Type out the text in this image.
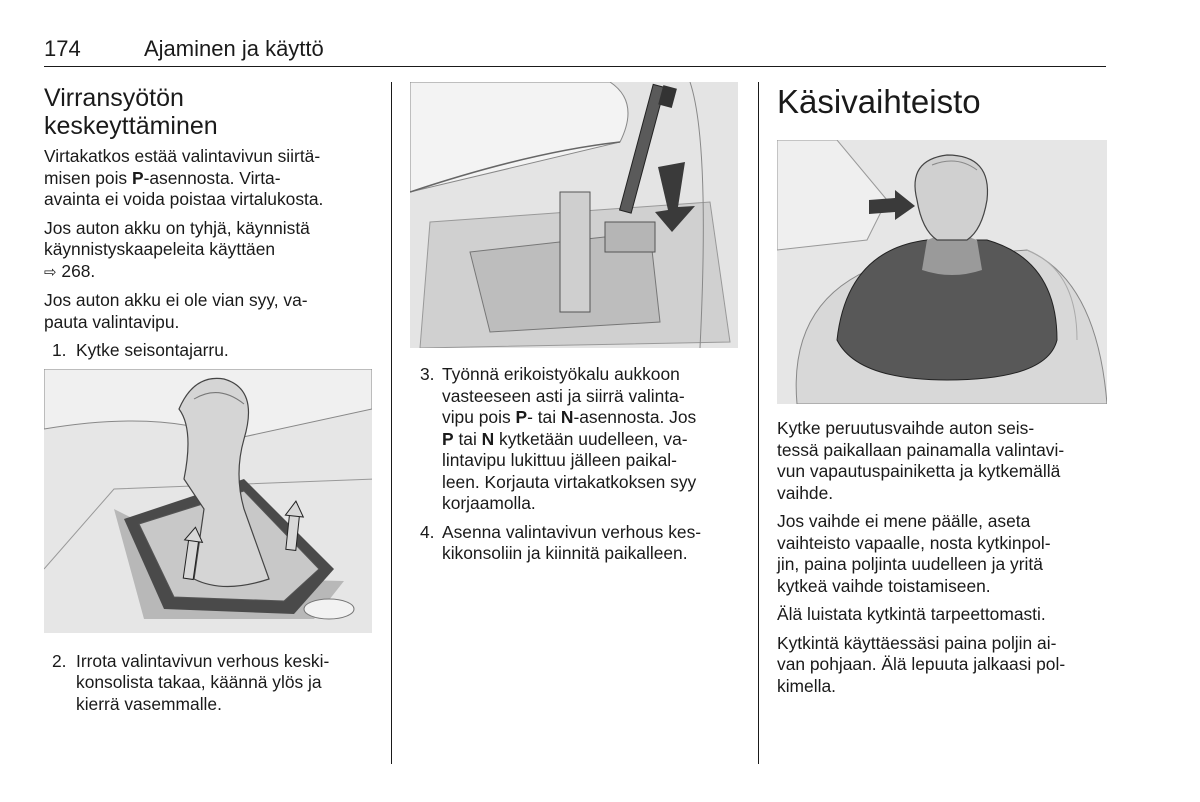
174	Ajaminen ja käyttö
Virransyötön
keskeyttäminen

Virtakatkos estää valintavivun siirtä-
misen pois P-asennosta. Virta-
avainta ei voida poistaa virtalukosta.

Jos auton akku on tyhjä, käynnistä
käynnistyskaapeleita käyttäen
⇨ 268.

Jos auton akku ei ole vian syy, va-
pauta valintavipu.

1. Kytke seisontajarru.
2. Irrota valintavivun verhous keski-
konsolista takaa, käännä ylös ja
kierrä vasemmalle.
3. Työnnä erikoistyökalu aukkoon
vasteeseen asti ja siirrä valinta-
vipu pois P- tai N-asennosta. Jos
P tai N kytketään uudelleen, va-
lintavipu lukittuu jälleen paikal-
leen. Korjauta virtakatkoksen syy
korjaamolla.
4. Asenna valintavivun verhous kes-
kikonsoliin ja kiinnitä paikalleen.
Käsivaihteisto

Kytke peruutusvaihde auton seis-
tessä paikallaan painamalla valintavi-
vun vapautuspainiketta ja kytkemällä
vaihde.

Jos vaihde ei mene päälle, aseta
vaihteisto vapaalle, nosta kytkinpol-
jin, paina poljinta uudelleen ja yritä
kytkeä vaihde toistamiseen.

Älä luistata kytkintä tarpeettomasti.

Kytkintä käyttäessäsi paina poljin ai-
van pohjaan. Älä lepuuta jalkaasi pol-
kimella.
